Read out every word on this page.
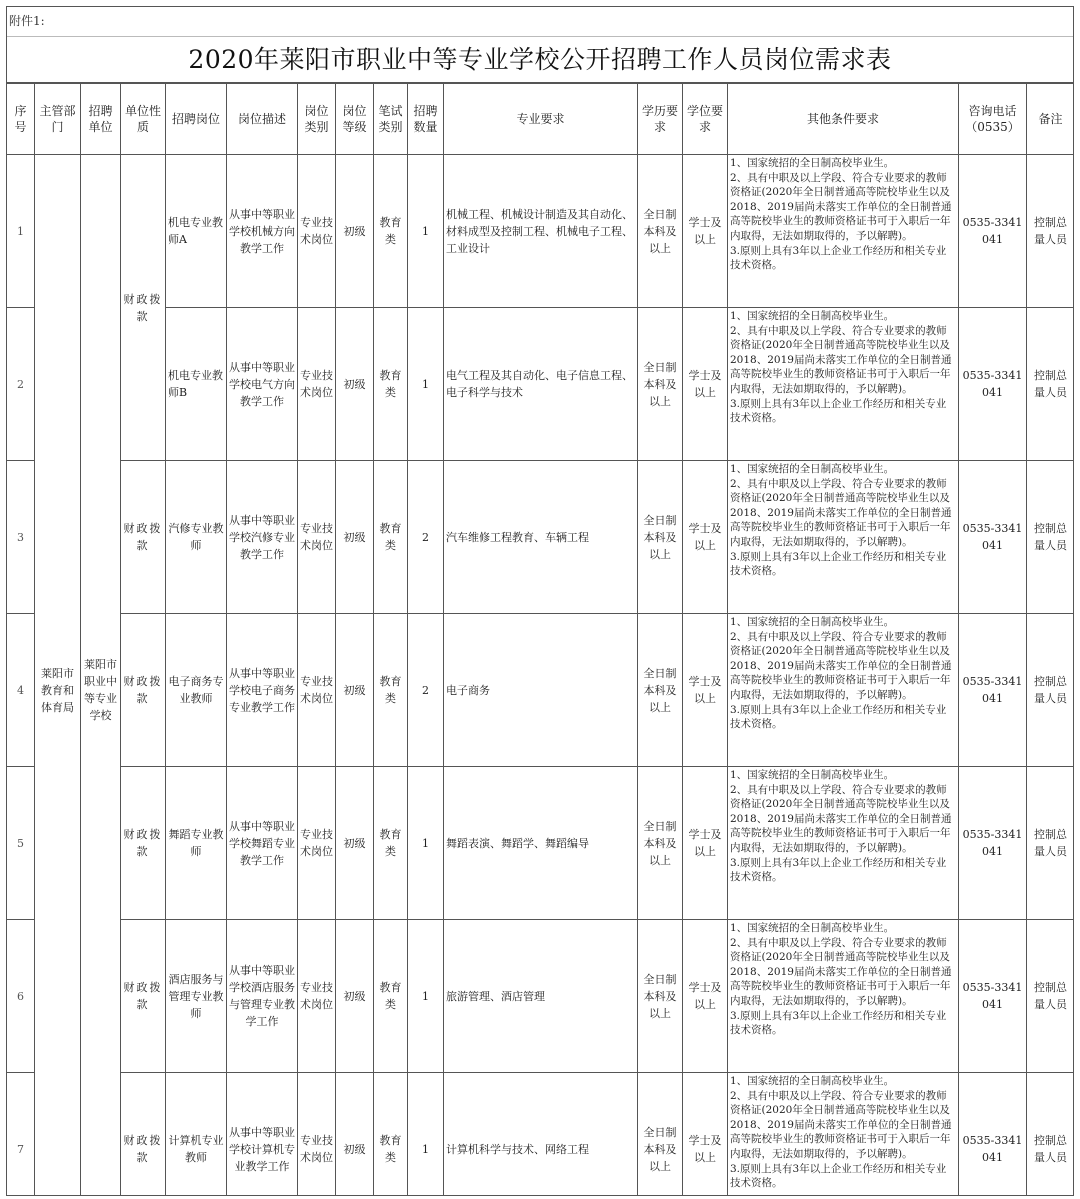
附件1:
2020年莱阳市职业中等专业学校公开招聘工作人员岗位需求表
序号	主管部门	招聘单位	单位性质	招聘岗位	岗位描述	岗位类别	岗位等级	笔试类别	招聘数量	专业要求	学历要求	学位要求	其他条件要求	咨询电话（0535）	备注
1	莱阳市教育和体育局	莱阳市职业中等专业学校	财政拨款	机电专业教师A	从事中等职业学校机械方向教学工作	专业技术岗位	初级	教育类	1	机械工程、机械设计制造及其自动化、材料成型及控制工程、机械电子工程、工业设计	全日制本科及以上	学士及以上	1、国家统招的全日制高校毕业生。
2、具有中职及以上学段、符合专业要求的教师资格证(2020年全日制普通高等院校毕业生以及2018、2019届尚未落实工作单位的全日制普通高等院校毕业生的教师资格证书可于入职后一年内取得，无法如期取得的，予以解聘)。
3.原则上具有3年以上企业工作经历和相关专业技术资格。	0535-3341041	控制总量人员
2				机电专业教师B	从事中等职业学校电气方向教学工作	专业技术岗位	初级	教育类	1	电气工程及其自动化、电子信息工程、电子科学与技术	全日制本科及以上	学士及以上	1、国家统招的全日制高校毕业生。
2、具有中职及以上学段、符合专业要求的教师资格证(2020年全日制普通高等院校毕业生以及2018、2019届尚未落实工作单位的全日制普通高等院校毕业生的教师资格证书可于入职后一年内取得，无法如期取得的，予以解聘)。
3.原则上具有3年以上企业工作经历和相关专业技术资格。	0535-3341041	控制总量人员
3			财政拨款	汽修专业教师	从事中等职业学校汽修专业教学工作	专业技术岗位	初级	教育类	2	汽车维修工程教育、车辆工程	全日制本科及以上	学士及以上	1、国家统招的全日制高校毕业生。
2、具有中职及以上学段、符合专业要求的教师资格证(2020年全日制普通高等院校毕业生以及2018、2019届尚未落实工作单位的全日制普通高等院校毕业生的教师资格证书可于入职后一年内取得，无法如期取得的，予以解聘)。
3.原则上具有3年以上企业工作经历和相关专业技术资格。	0535-3341041	控制总量人员
4			财政拨款	电子商务专业教师	从事中等职业学校电子商务专业教学工作	专业技术岗位	初级	教育类	2	电子商务	全日制本科及以上	学士及以上	1、国家统招的全日制高校毕业生。
2、具有中职及以上学段、符合专业要求的教师资格证(2020年全日制普通高等院校毕业生以及2018、2019届尚未落实工作单位的全日制普通高等院校毕业生的教师资格证书可于入职后一年内取得，无法如期取得的，予以解聘)。
3.原则上具有3年以上企业工作经历和相关专业技术资格。	0535-3341041	控制总量人员
5			财政拨款	舞蹈专业教师	从事中等职业学校舞蹈专业教学工作	专业技术岗位	初级	教育类	1	舞蹈表演、舞蹈学、舞蹈编导	全日制本科及以上	学士及以上	1、国家统招的全日制高校毕业生。
2、具有中职及以上学段、符合专业要求的教师资格证(2020年全日制普通高等院校毕业生以及2018、2019届尚未落实工作单位的全日制普通高等院校毕业生的教师资格证书可于入职后一年内取得，无法如期取得的，予以解聘)。
3.原则上具有3年以上企业工作经历和相关专业技术资格。	0535-3341041	控制总量人员
6			财政拨款	酒店服务与管理专业教师	从事中等职业学校酒店服务与管理专业教学工作	专业技术岗位	初级	教育类	1	旅游管理、酒店管理	全日制本科及以上	学士及以上	1、国家统招的全日制高校毕业生。
2、具有中职及以上学段、符合专业要求的教师资格证(2020年全日制普通高等院校毕业生以及2018、2019届尚未落实工作单位的全日制普通高等院校毕业生的教师资格证书可于入职后一年内取得，无法如期取得的，予以解聘)。
3.原则上具有3年以上企业工作经历和相关专业技术资格。	0535-3341041	控制总量人员
7			财政拨款	计算机专业教师	从事中等职业学校计算机专业教学工作	专业技术岗位	初级	教育类	1	计算机科学与技术、网络工程	全日制本科及以上	学士及以上	1、国家统招的全日制高校毕业生。
2、具有中职及以上学段、符合专业要求的教师资格证(2020年全日制普通高等院校毕业生以及2018、2019届尚未落实工作单位的全日制普通高等院校毕业生的教师资格证书可于入职后一年内取得，无法如期取得的，予以解聘)。
3.原则上具有3年以上企业工作经历和相关专业技术资格。	0535-3341041	控制总量人员
